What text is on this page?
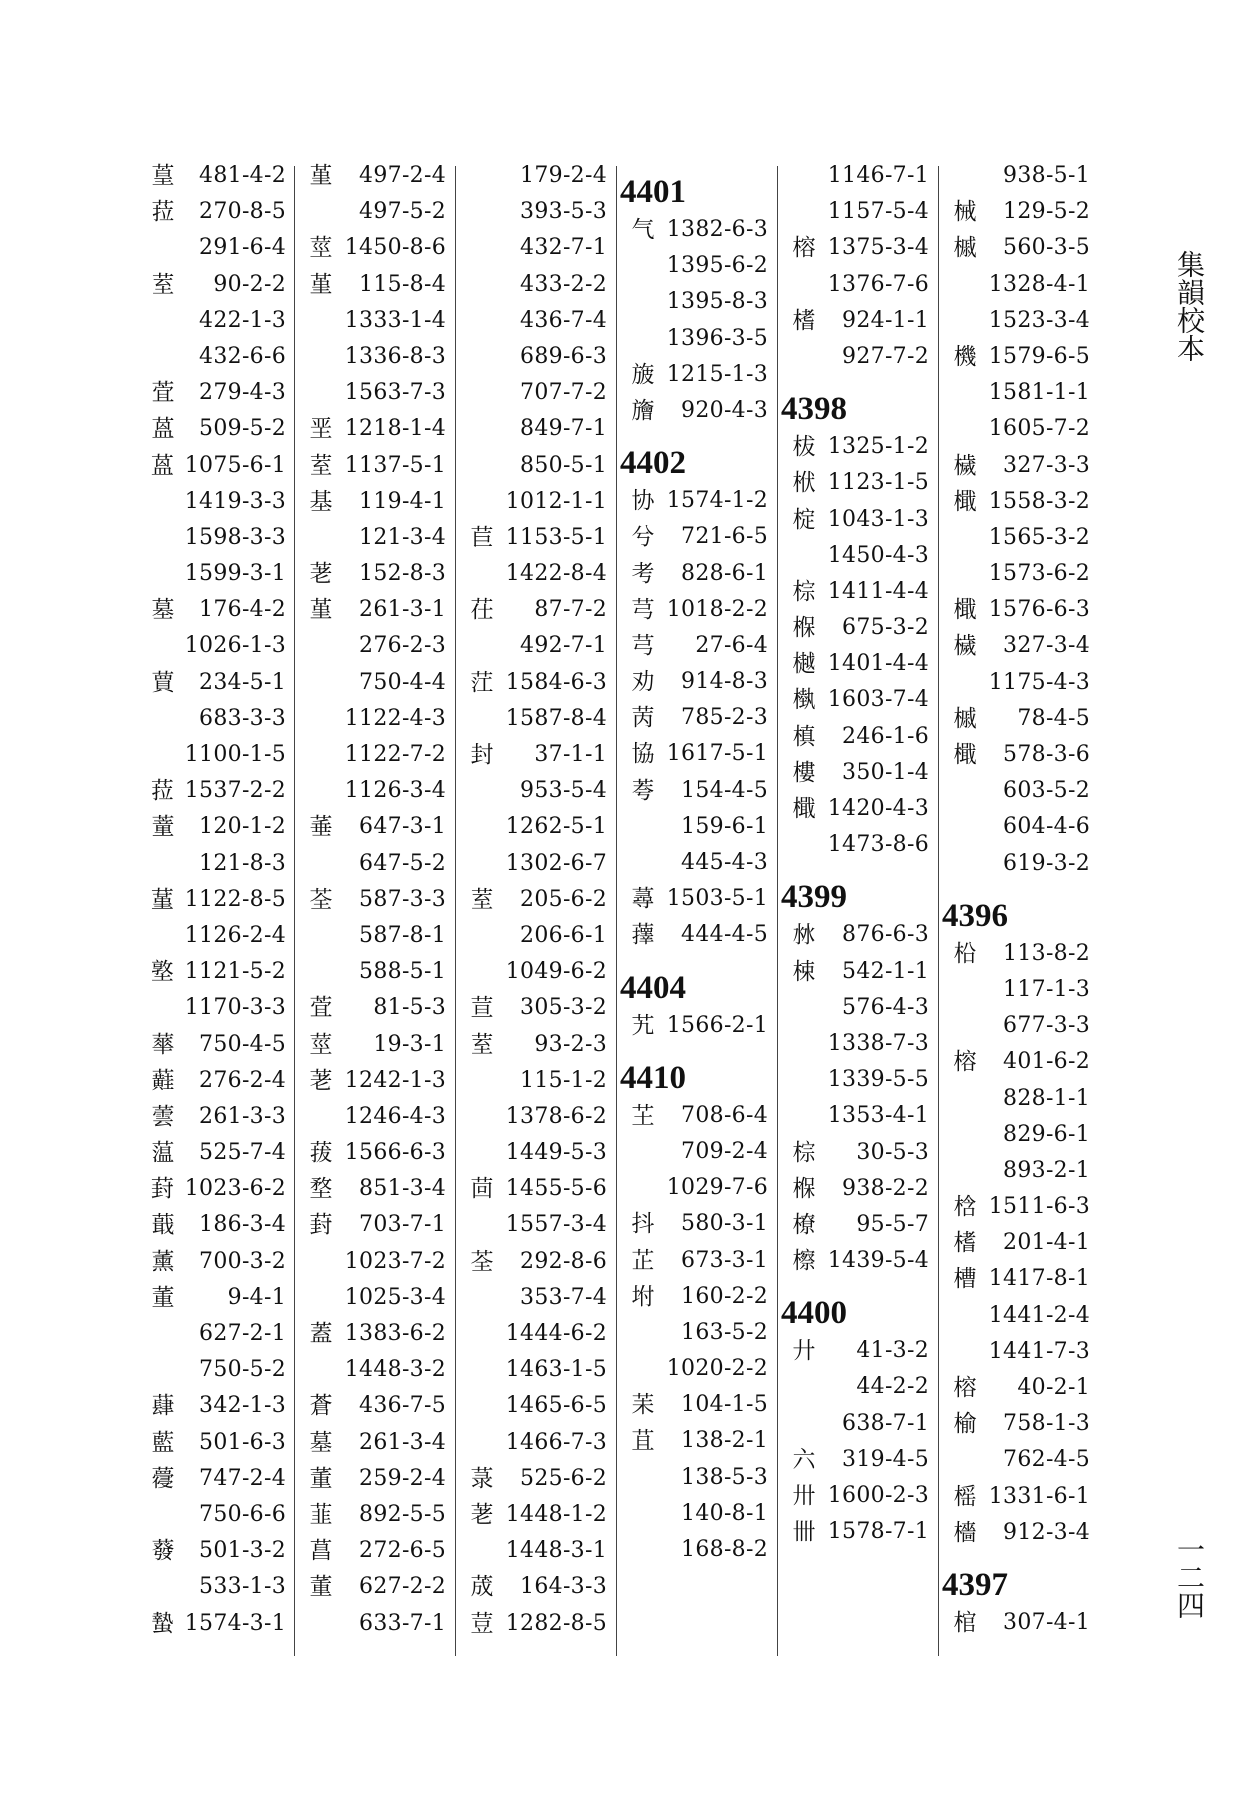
葟	481-4-2
菈	270-8-5
291-6-4
荎	90-2-2
422-1-3
432-6-6
萓	279-4-3
蒕	509-5-2
蒕 1075-6-1
1419-3-3
1598-3-3
1599-3-1
墓	176-4-2
1026-1-3
蕒	234-5-1
683-3-3
1100-1-5
菈 1537-2-2
蕫	120-1-2
121-8-3
蓳 1122-8-5
1126-2-4
墪 1121-5-2
1170-3-3
蕐	750-4-5
蘳	276-2-4
蕓	261-3-3
蕰	525-7-4
葑 1023-6-2
蕺	186-3-4
薰	700-3-2
董	9-4-1
627-2-1
750-5-2
蕼	342-1-3
藍	501-6-3
蘉	747-2-4
750-6-6
蕟	501-3-2
533-1-3
蟄 1574-3-1
堇	497-2-4
497-5-2
莖 1450-8-6
堇	115-8-4
1333-1-4
1336-8-3
1563-7-3
垩 1218-1-4
荎 1137-5-1
基	119-4-1
121-3-4
荖	152-8-3
堇	261-3-1
276-2-3
750-4-4
1122-4-3
1122-7-2
1126-3-4
菙	647-3-1
647-5-2
荃	587-3-3
587-8-1
588-5-1
萓	81-5-3
莖	19-3-1
荖 1242-1-3
1246-4-3
菝 1566-6-3
堥	851-3-4
葑	703-7-1
1023-7-2
1025-3-4
蓋 1383-6-2
1448-3-2
蒼	436-7-5
墓	261-3-4
董	259-2-4
韮	892-5-5
菖	272-6-5
董	627-2-2
633-7-1
179-2-4
393-5-3
432-7-1
433-2-2
436-7-4
689-6-3
707-7-2
849-7-1
850-5-1
1012-1-1
苣 1153-5-1
1422-8-4
茌	87-7-2
492-7-1
茳 1584-6-3
1587-8-4
封	37-1-1
953-5-4
1262-5-1
1302-6-7
荎	205-6-2
206-6-1
1049-6-2
荁	305-3-2
荎	93-2-3
115-1-2
1378-6-2
1449-5-3
茴 1455-5-6
1557-3-4
荃	292-8-6
353-7-4
1444-6-2
1463-1-5
1465-6-5
1466-7-3
菉	525-6-2
荖 1448-1-2
1448-3-1
荿	164-3-3
荳 1282-8-5
4401
气 1382-6-3
1395-6-2
1395-8-3
1396-3-5
旇 1215-1-3
旝	920-4-3
4402
协 1574-1-2
兮	721-6-5
考	828-6-1
芎 1018-2-2
芎	27-6-4
劝	914-8-3
苪	785-2-3
協 1617-5-1
荂	154-4-5
159-6-1
445-4-3
蕁 1503-5-1
蘀	444-4-5
4404
艽 1566-2-1
4410
芏	708-6-4
709-2-4
1029-7-6
抖	580-3-1
芷	673-3-1
坿	160-2-2
163-5-2
1020-2-2
苿	104-1-5
苴	138-2-1
138-5-3
140-8-1
168-8-2
1146-7-1
1157-5-4
榕 1375-3-4
1376-7-6
榰	924-1-1
927-7-2
4398
柭 1325-1-2
栿 1123-1-5
椗 1043-1-3
1450-4-3
棕 1411-4-4
椺	675-3-2
樾 1401-4-4
槸 1603-7-4
槙	246-1-6
樓	350-1-4
檝 1420-4-3
1473-8-6
4399
沝	876-6-3
梀	542-1-1
576-4-3
1338-7-3
1339-5-5
1353-4-1
棕	30-5-3
椺	938-2-2
橑	95-5-7
檫 1439-5-4
4400
廾	41-3-2
44-2-2
638-7-1
六	319-4-5
卅 1600-2-3
卌 1578-7-1
938-5-1
械	129-5-2
槭	560-3-5
1328-4-1
1523-3-4
機 1579-6-5
1581-1-1
1605-7-2
檅	327-3-3
檝 1558-3-2
1565-3-2
1573-6-2
檝 1576-6-3
檅	327-3-4
1175-4-3
槭	78-4-5
檝	578-3-6
603-5-2
604-4-6
619-3-2
4396
柗	113-8-2
117-1-3
677-3-3
榕	401-6-2
828-1-1
829-6-1
893-2-1
梒 1511-6-3
榰	201-4-1
槽 1417-8-1
1441-2-4
1441-7-3
榕	40-2-1
榆	758-1-3
762-4-5
榣 1331-6-1
檣	912-3-4
4397
棺	307-4-1
集韻校本
一二四
